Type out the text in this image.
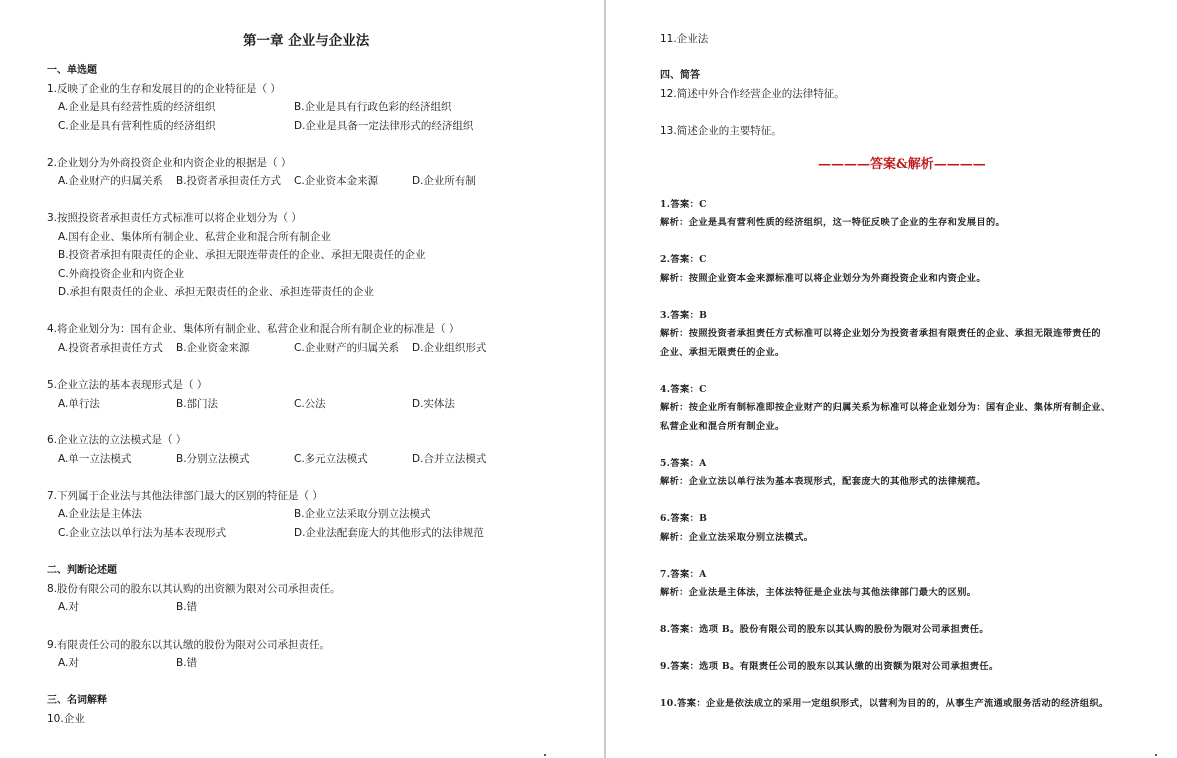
第一章 企业与企业法
一、单选题
1.反映了企业的生存和发展目的的企业特征是（ ）
A.企业是具有经营性质的经济组织	B.企业是具有行政色彩的经济组织
C.企业是具有营利性质的经济组织	D.企业是具备一定法律形式的经济组织
2.企业划分为外商投资企业和内资企业的根据是（ ）
A.企业财产的归属关系 B.投资者承担责任方式 C.企业资本金来源	D.企业所有制
3.按照投资者承担责任方式标准可以将企业划分为（ ）
A.国有企业、集体所有制企业、私营企业和混合所有制企业
B.投资者承担有限责任的企业、承担无限连带责任的企业、承担无限责任的企业
C.外商投资企业和内资企业
D.承担有限责任的企业、承担无限责任的企业、承担连带责任的企业
4.将企业划分为：国有企业、集体所有制企业、私营企业和混合所有制企业的标准是（ ）
A.投资者承担责任方式 B.企业资金来源	C.企业财产的归属关系 D.企业组织形式
5.企业立法的基本表现形式是（ ）
A.单行法	B.部门法	C.公法	D.实体法
6.企业立法的立法模式是（ ）
A.单一立法模式	B.分别立法模式	C.多元立法模式	D.合并立法模式
7.下列属于企业法与其他法律部门最大的区别的特征是（ ）
A.企业法是主体法	B.企业立法采取分别立法模式
C.企业立法以单行法为基本表现形式	D.企业法配套庞大的其他形式的法律规范
二、判断论述题
8.股份有限公司的股东以其认购的出资额为限对公司承担责任。
A.对	B.错
9.有限责任公司的股东以其认缴的股份为限对公司承担责任。
A.对	B.错
三、名词解释
10.企业
11.企业法
四、简答
12.简述中外合作经营企业的法律特征。
13.简述企业的主要特征。
————答案&解析————
1.答案：C
解析：企业是具有营利性质的经济组织，这一特征反映了企业的生存和发展目的。
2.答案：C
解析：按照企业资本金来源标准可以将企业划分为外商投资企业和内资企业。
3.答案：B
解析：按照投资者承担责任方式标准可以将企业划分为投资者承担有限责任的企业、承担无限连带责任的
企业、承担无限责任的企业。
4.答案：C
解析：按企业所有制标准即按企业财产的归属关系为标准可以将企业划分为：国有企业、集体所有制企业、
私营企业和混合所有制企业。
5.答案：A
解析：企业立法以单行法为基本表现形式，配套庞大的其他形式的法律规范。
6.答案：B
解析：企业立法采取分别立法模式。
7.答案：A
解析：企业法是主体法，主体法特征是企业法与其他法律部门最大的区别。
8.答案：选项 B。股份有限公司的股东以其认购的股份为限对公司承担责任。
9.答案：选项 B。有限责任公司的股东以其认缴的出资额为限对公司承担责任。
10.答案：企业是依法成立的采用一定组织形式，以营利为目的的，从事生产流通或服务活动的经济组织。
